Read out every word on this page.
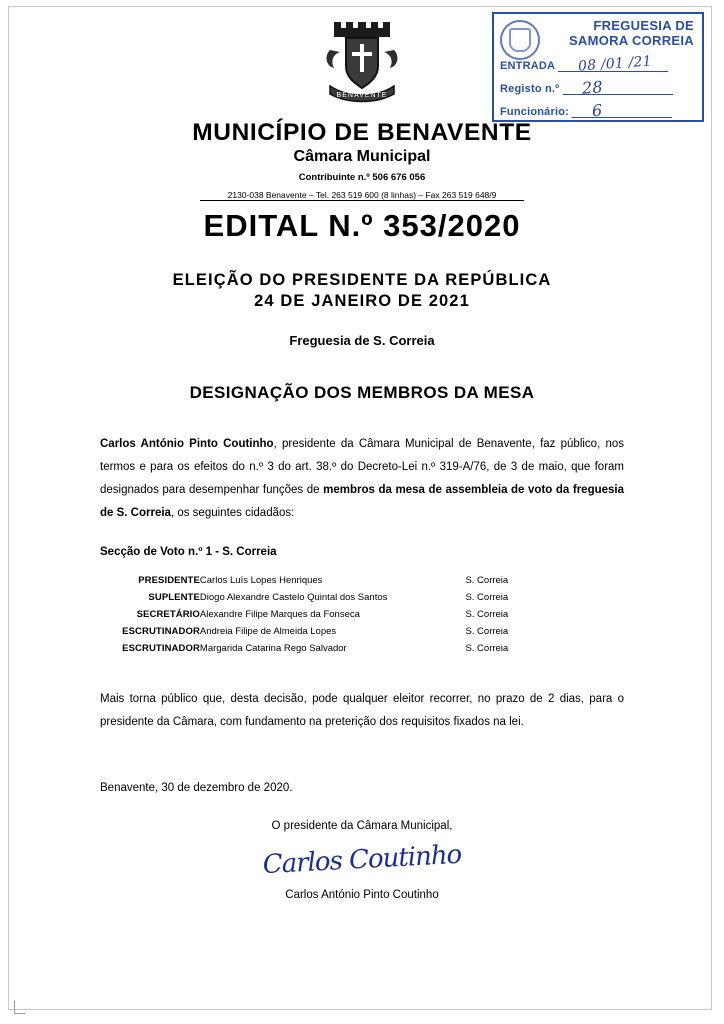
FREGUESIA DE
SAMORA CORREIA
ENTRADA 08 /01 /21
Registo n.º 28
Funcionário: 6
BENAVENTE
MUNICÍPIO DE BENAVENTE
Câmara Municipal
Contribuinte n.º 506 676 056
2130-038 Benavente – Tel. 263 519 600 (8 linhas) – Fax 263 519 648/9
EDITAL N.º 353/2020
ELEIÇÃO DO PRESIDENTE DA REPÚBLICA
24 DE JANEIRO DE 2021
Freguesia de S. Correia
DESIGNAÇÃO DOS MEMBROS DA MESA
Carlos António Pinto Coutinho, presidente da Câmara Municipal de Benavente, faz público, nos termos e para os efeitos do n.º 3 do art. 38.º do Decreto-Lei n.º 319-A/76, de 3 de maio, que foram designados para desempenhar funções de membros da mesa de assembleia de voto da freguesia de S. Correia, os seguintes cidadãos:
Secção de Voto n.º 1 - S. Correia
PRESIDENTE	Carlos Luís Lopes Henriques	S. Correia
SUPLENTE	Diogo Alexandre Castelo Quintal dos Santos	S. Correia
SECRETÁRIO	Alexandre Filipe Marques da Fonseca	S. Correia
ESCRUTINADOR	Andreia Filipe de Almeida Lopes	S. Correia
ESCRUTINADOR	Margarida Catarina Rego Salvador	S. Correia
Mais torna público que, desta decisão, pode qualquer eleitor recorrer, no prazo de 2 dias, para o presidente da Câmara, com fundamento na preterição dos requisitos fixados na lei.
Benavente, 30 de dezembro de 2020.
O presidente da Câmara Municipal,
Carlos Coutinho
Carlos António Pinto Coutinho
